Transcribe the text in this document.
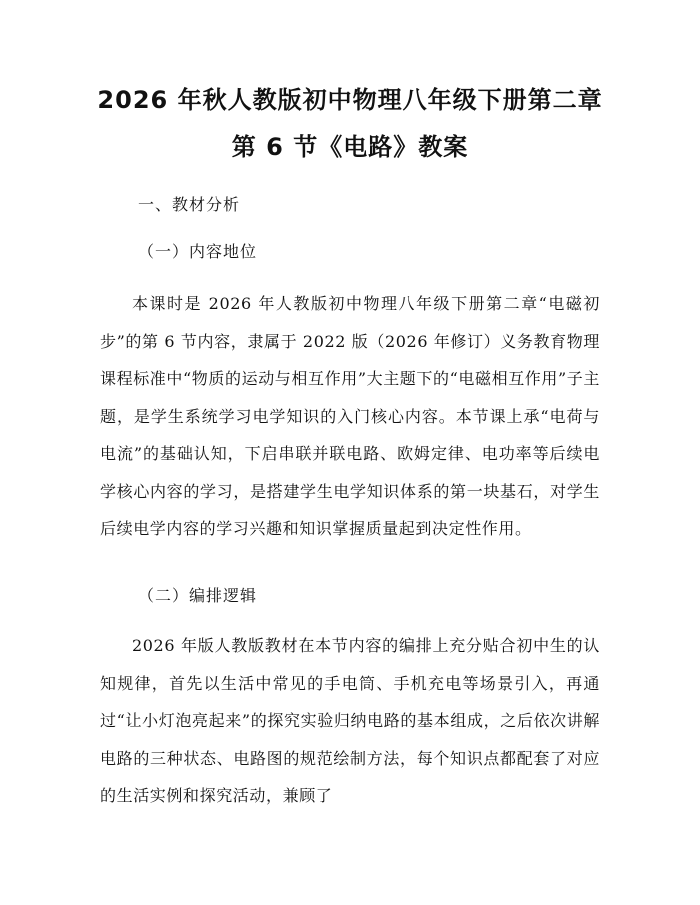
2026 年秋人教版初中物理八年级下册第二章
第 6 节《电路》教案
一、教材分析
（一）内容地位
本课时是 2026 年人教版初中物理八年级下册第二章“电磁初步”的第 6 节内容，隶属于 2022 版（2026 年修订）义务教育物理课程标准中“物质的运动与相互作用”大主题下的“电磁相互作用”子主题，是学生系统学习电学知识的入门核心内容。本节课上承“电荷与电流”的基础认知，下启串联并联电路、欧姆定律、电功率等后续电学核心内容的学习，是搭建学生电学知识体系的第一块基石，对学生后续电学内容的学习兴趣和知识掌握质量起到决定性作用。
（二）编排逻辑
2026 年版人教版教材在本节内容的编排上充分贴合初中生的认知规律，首先以生活中常见的手电筒、手机充电等场景引入，再通过“让小灯泡亮起来”的探究实验归纳电路的基本组成，之后依次讲解电路的三种状态、电路图的规范绘制方法，每个知识点都配套了对应的生活实例和探究活动，兼顾了
